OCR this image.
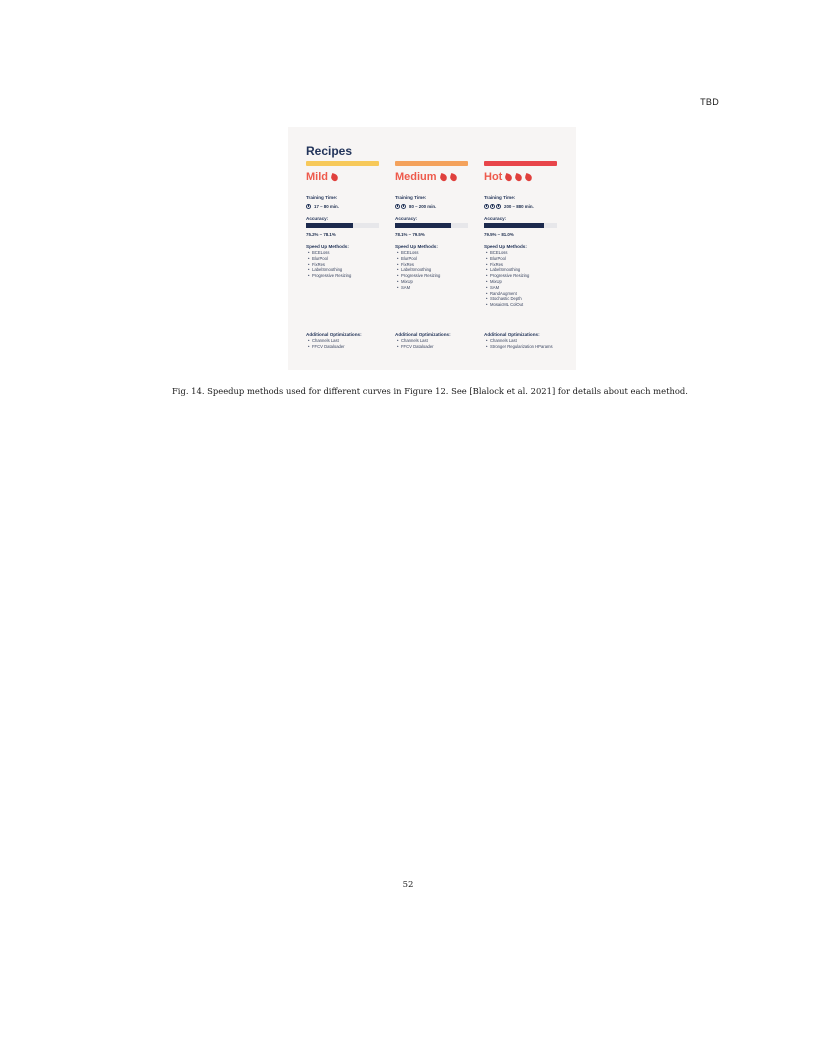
TBD
Recipes
Mild
Training Time:
17 – 80 min.
Accuracy:
75.2% – 78.1%
Speed Up Methods:
• BCELoss
• BlurPool
• FixRes
• LabelSmoothing
• Progressive Resizing
Medium
Training Time:
80 – 200 min.
Accuracy:
78.1% – 79.5%
Speed Up Methods:
• BCELoss
• BlurPool
• FixRes
• LabelSmoothing
• Progressive Resizing
• MixUp
• SAM
Hot
Training Time:
200 – 880 min.
Accuracy:
79.5% – 81.0%
Speed Up Methods:
• BCELoss
• BlurPool
• FixRes
• LabelSmoothing
• Progressive Resizing
• MixUp
• SAM
• RandAugment
• Stochastic Depth
• MosaicML ColOut
Additional Optimizations:
• Channels Last
• FFCV Dataloader
Additional Optimizations:
• Channels Last
• FFCV Dataloader
Additional Optimizations:
• Channels Last
• Stronger Regularization HParams
Fig. 14. Speedup methods used for different curves in Figure 12. See [Blalock et al. 2021] for details about each method.
52
